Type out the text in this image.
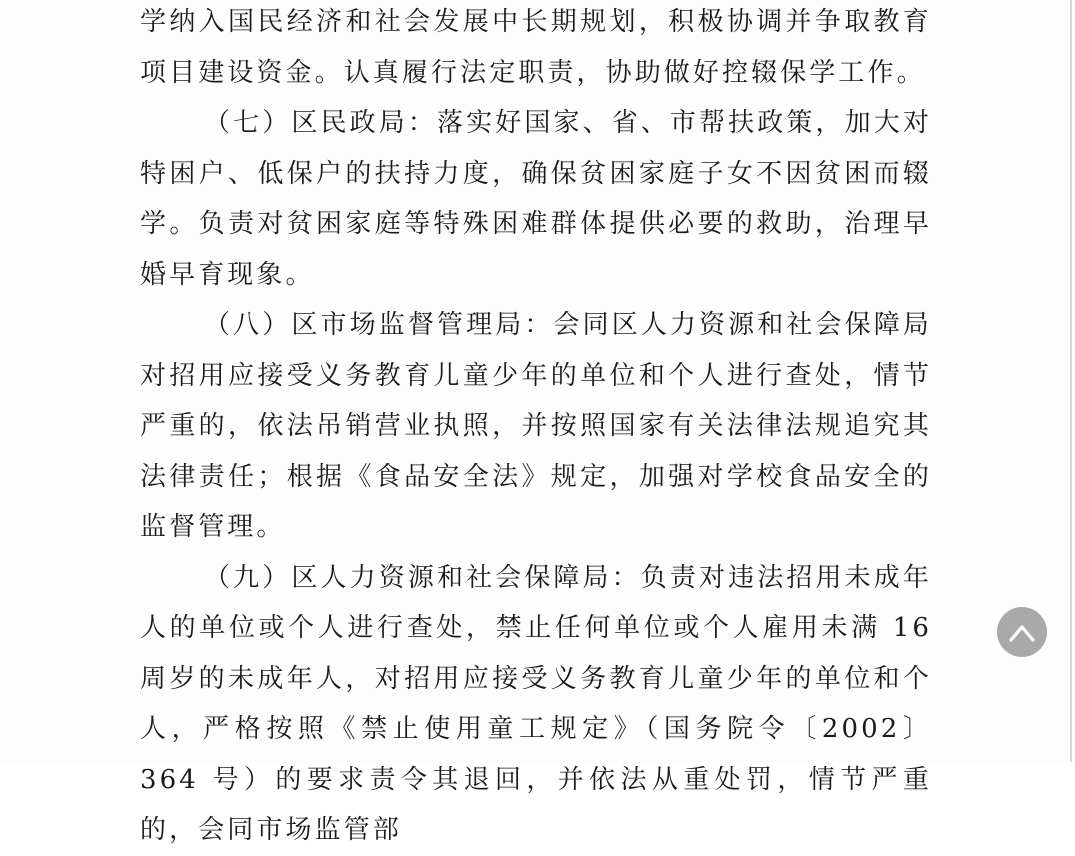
学纳入国民经济和社会发展中长期规划，积极协调并争取教育项目建设资金。认真履行法定职责，协助做好控辍保学工作。

（七）区民政局：落实好国家、省、市帮扶政策，加大对特困户、低保户的扶持力度，确保贫困家庭子女不因贫困而辍学。负责对贫困家庭等特殊困难群体提供必要的救助，治理早婚早育现象。

（八）区市场监督管理局：会同区人力资源和社会保障局对招用应接受义务教育儿童少年的单位和个人进行查处，情节严重的，依法吊销营业执照，并按照国家有关法律法规追究其法律责任；根据《食品安全法》规定，加强对学校食品安全的监督管理。

（九）区人力资源和社会保障局：负责对违法招用未成年人的单位或个人进行查处，禁止任何单位或个人雇用未满 16 周岁的未成年人，对招用应接受义务教育儿童少年的单位和个人，严格按照《禁止使用童工规定》（国务院令〔2002〕364 号）的要求责令其退回，并依法从重处罚，情节严重的，会同市场监管部
